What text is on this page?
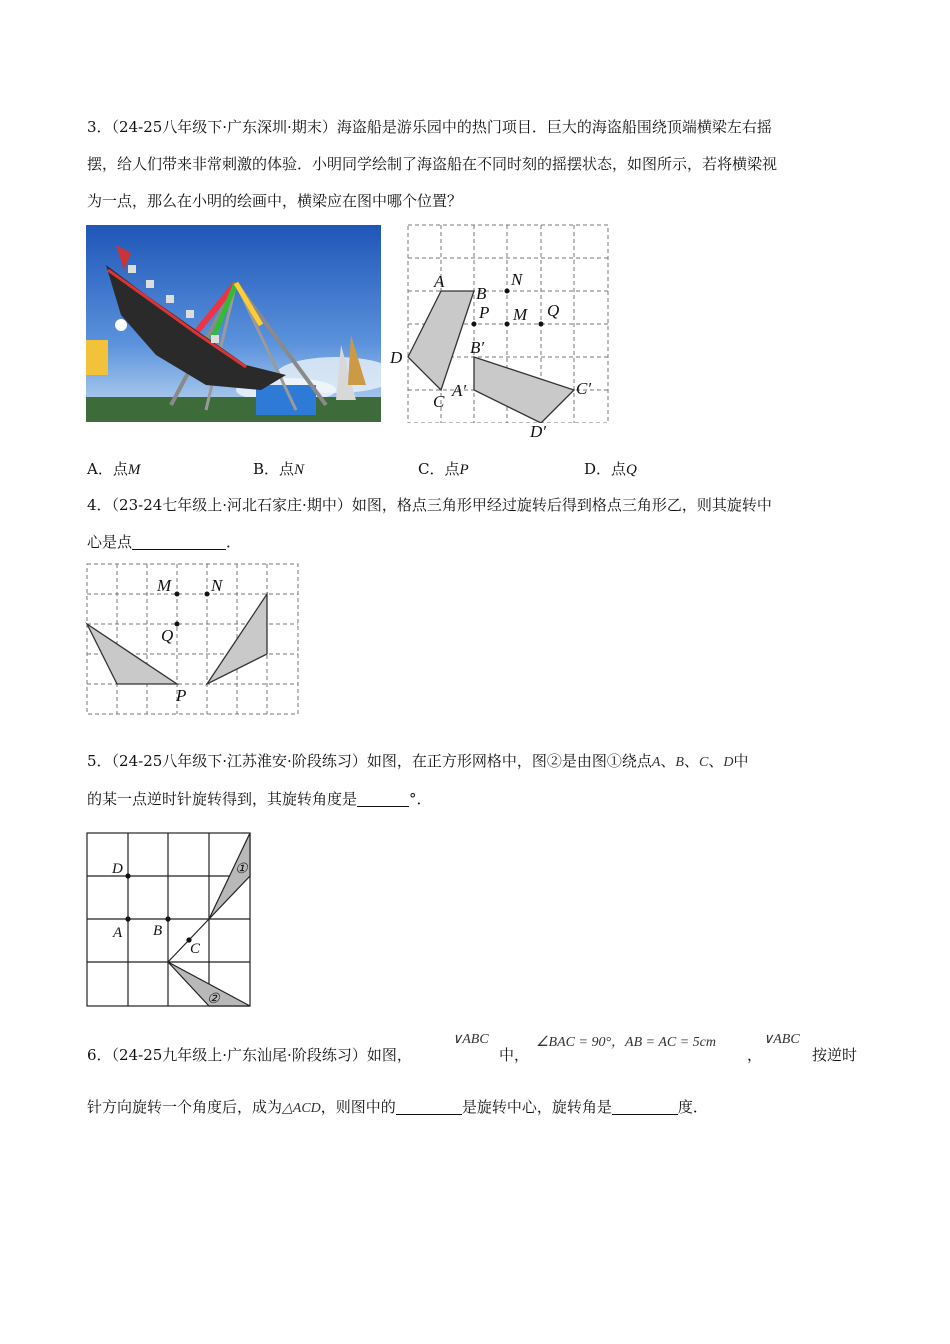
3．（24-25八年级下·广东深圳·期末）海盗船是游乐园中的热门项目．巨大的海盗船围绕顶端横梁左右摇
摆，给人们带来非常刺激的体验．小明同学绘制了海盗船在不同时刻的摇摆状态，如图所示，若将横梁视
为一点，那么在小明的绘画中，横梁应在图中哪个位置？
A
B
N
P M Q
C
B′
A′	C′
D
D′
A．点M	B．点N	C．点P	D．点Q
4．（23-24七年级上·河北石家庄·期中）如图，格点三角形甲经过旋转后得到格点三角形乙，则其旋转中
心是点	．
M N
Q
P
5．（24-25八年级下·江苏淮安·阶段练习）如图，在正方形网格中，图②是由图①绕点A、B、C、D中
的某一点逆时针旋转得到，其旋转角度是	°．
D
A B
C
①
②
6．（24-25九年级上·广东汕尾·阶段练习）如图，
∨ABC
中，
∠BAC = 90°，AB = AC = 5cm
，
∨ABC
按逆时
针方向旋转一个角度后，成为△ACD，则图中的	是旋转中心，旋转角是	度．
